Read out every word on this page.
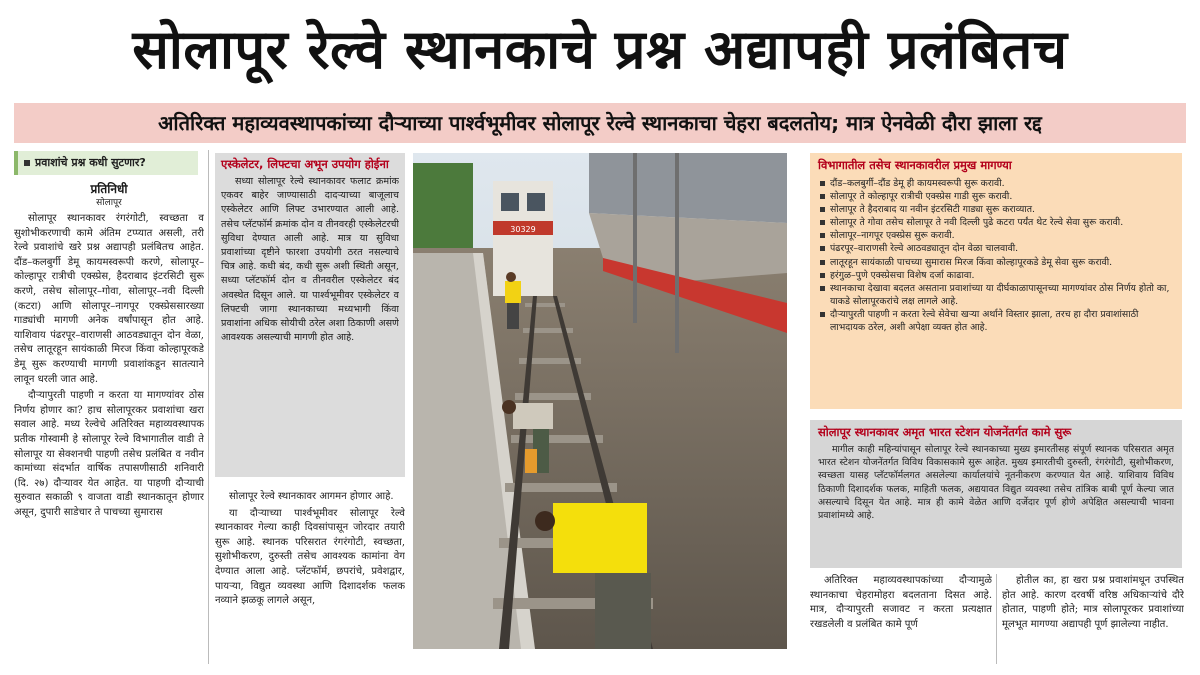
सोलापूर रेल्वे स्थानकाचे प्रश्न अद्यापही प्रलंबितच
अतिरिक्त महाव्यवस्थापकांच्या दौऱ्याच्या पार्श्वभूमीवर सोलापूर रेल्वे स्थानकाचा चेहरा बदलतोय; मात्र ऐनवेळी दौरा झाला रद्द
प्रवाशांचे प्रश्न कधी सुटणार?
प्रतिनिधी
सोलापूर

सोलापूर स्थानकावर रंगरंगोटी, स्वच्छता व सुशोभीकरणाची कामे अंतिम टप्प्यात असली, तरी रेल्वे प्रवाशांचे खरे प्रश्न अद्यापही प्रलंबितच आहेत. दौंड–कलबुर्गी डेमू कायमस्वरूपी करणे, सोलापूर–कोल्हापूर रात्रीची एक्स्प्रेस, हैदराबाद इंटरसिटी सुरू करणे, तसेच सोलापूर–गोवा, सोलापूर–नवी दिल्ली (कटरा) आणि सोलापूर–नागपूर एक्स्प्रेससारख्या गाड्यांची मागणी अनेक वर्षांपासून होत आहे. याशिवाय पंढरपूर–वाराणसी आठवड्यातून दोन वेळा, तसेच लातूरहून सायंकाळी मिरज किंवा कोल्हापूरकडे डेमू सुरू करण्याची मागणी प्रवाशांकडून सातत्याने लावून धरली जात आहे.

दौऱ्यापुरती पाहणी न करता या मागण्यांवर ठोस निर्णय होणार का? हाच सोलापूरकर प्रवाशांचा खरा सवाल आहे. मध्य रेल्वेचे अतिरिक्त महाव्यवस्थापक प्रतीक गोस्वामी हे सोलापूर रेल्वे विभागातील वाडी ते सोलापूर या सेक्शनची पाहणी तसेच प्रलंबित व नवीन कामांच्या संदर्भात वार्षिक तपासणीसाठी शनिवारी (दि. २७) दौऱ्यावर येत आहेत. या पाहणी दौऱ्याची सुरुवात सकाळी ९ वाजता वाडी स्थानकातून होणार असून, दुपारी साडेचार ते पाचच्या सुमारास

एस्केलेटर, लिफ्टचा अभून उपयोग होईना

सध्या सोलापूर रेल्वे स्थानकावर फलाट क्रमांक एकवर बाहेर जाण्यासाठी दादऱ्याच्या बाजूलाच एस्केलेटर आणि लिफ्ट उभारण्यात आली आहे. तसेच प्लॅटफॉर्म क्रमांक दोन व तीनवरही एस्केलेटरची सुविधा देण्यात आली आहे. मात्र या सुविधा प्रवाशांच्या दृष्टीने फारशा उपयोगी ठरत नसल्याचे चित्र आहे. कधी बंद, कधी सुरू अशी स्थिती असून, सध्या प्लॅटफॉर्म दोन व तीनवरील एस्केलेटर बंद अवस्थेत दिसून आले. या पार्श्वभूमीवर एस्केलेटर व लिफ्टची जागा स्थानकाच्या मध्यभागी किंवा प्रवाशांना अधिक सोयीची ठरेल अशा ठिकाणी असणे आवश्यक असल्याची मागणी होत आहे.

सोलापूर रेल्वे स्थानकावर आगमन होणार आहे.

या दौऱ्याच्या पार्श्वभूमीवर सोलापूर रेल्वे स्थानकावर गेल्या काही दिवसांपासून जोरदार तयारी सुरू आहे. स्थानक परिसरात रंगरंगोटी, स्वच्छता, सुशोभीकरण, दुरुस्ती तसेच आवश्यक कामांना वेग देण्यात आला आहे. प्लॅटफॉर्म, छपरांचे, प्रवेशद्वार, पायऱ्या, विद्युत व्यवस्था आणि दिशादर्शक फलक नव्याने झळकू लागले असून,

30329
विभागातील तसेच स्थानकावरील प्रमुख मागण्या
दौंड–कलबुर्गी–दौंड डेमू ही कायमस्वरूपी सुरू करावी.
सोलापूर ते कोल्हापूर रात्रीची एक्स्प्रेस गाडी सुरू करावी.
सोलापूर ते हैदराबाद या नवीन इंटरसिटी गाड्या सुरू कराव्यात.
सोलापूर ते गोवा तसेच सोलापूर ते नवी दिल्ली पुढे कटरा पर्यंत थेट रेल्वे सेवा सुरू करावी.
सोलापूर–नागपूर एक्स्प्रेस सुरू करावी.
पंढरपूर–वाराणसी रेल्वे आठवड्यातून दोन वेळा चालवावी.
लातूरहून सायंकाळी पाचच्या सुमारास मिरज किंवा कोल्हापूरकडे डेमू सेवा सुरू करावी.
हरंगुळ–पुणे एक्स्प्रेसचा विशेष दर्जा काढावा.
स्थानकाचा देखावा बदलत असताना प्रवाशांच्या या दीर्घकाळापासूनच्या मागण्यांवर ठोस निर्णय होतो का, याकडे सोलापूरकरांचे लक्ष लागले आहे.
दौऱ्यापुरती पाहणी न करता रेल्वे सेवेचा खऱ्या अर्थाने विस्तार झाला, तरच हा दौरा प्रवाशांसाठी लाभदायक ठरेल, अशी अपेक्षा व्यक्त होत आहे.
सोलापूर स्थानकावर अमृत भारत स्टेशन योजनेंतर्गत कामे सुरू

मागील काही महिन्यांपासून सोलापूर रेल्वे स्थानकाच्या मुख्य इमारतीसह संपूर्ण स्थानक परिसरात अमृत भारत स्टेशन योजनेंतर्गत विविध विकासकामे सुरू आहेत. मुख्य इमारतीची दुरुस्ती, रंगरंगोटी, सुशोभीकरण, स्वच्छता यासह प्लॅटफॉर्मलगत असलेल्या कार्यालयांचे नूतनीकरण करण्यात येत आहे. याशिवाय विविध ठिकाणी दिशादर्शक फलक, माहिती फलक, अद्ययावत विद्युत व्यवस्था तसेच तांत्रिक बाबी पूर्ण केल्या जात असल्याचे दिसून येत आहे. मात्र ही कामे वेळेत आणि दर्जेदार पूर्ण होणे अपेक्षित असल्याची भावना प्रवाशांमध्ये आहे.

अतिरिक्त महाव्यवस्थापकांच्या दौऱ्यामुळे स्थानकाचा चेहरामोहरा बदलताना दिसत आहे. मात्र, दौऱ्यापुरती सजावट न करता प्रत्यक्षात रखडलेली व प्रलंबित कामे पूर्ण

होतील का, हा खरा प्रश्न प्रवाशांमधून उपस्थित होत आहे. कारण दरवर्षी वरिष्ठ अधिकाऱ्यांचे दौरे होतात, पाहणी होते; मात्र सोलापूरकर प्रवाशांच्या मूलभूत मागण्या अद्यापही पूर्ण झालेल्या नाहीत.
